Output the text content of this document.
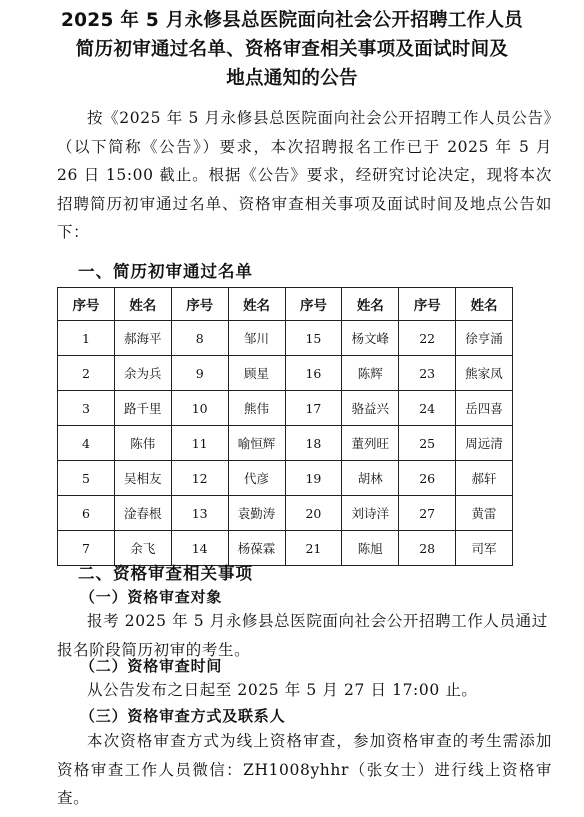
2025 年 5 月永修县总医院面向社会公开招聘工作人员
简历初审通过名单、资格审查相关事项及面试时间及
地点通知的公告
按《2025 年 5 月永修县总医院面向社会公开招聘工作人员公告》（以下简称《公告》）要求，本次招聘报名工作已于 2025 年 5 月 26 日 15:00 截止。根据《公告》要求，经研究讨论决定，现将本次招聘简历初审通过名单、资格审查相关事项及面试时间及地点公告如下：
一、简历初审通过名单
序号	姓名	序号	姓名	序号	姓名	序号	姓名
1	郝海平	8	邹川	15	杨文峰	22	徐亨涌
2	余为兵	9	顾星	16	陈辉	23	熊家凤
3	路千里	10	熊伟	17	骆益兴	24	岳四喜
4	陈伟	11	喻恒辉	18	董列旺	25	周远清
5	吴相友	12	代彦	19	胡林	26	郝轩
6	淦春根	13	袁勤涛	20	刘诗洋	27	黄雷
7	余飞	14	杨葆霖	21	陈旭	28	司军
二、资格审查相关事项
（一）资格审查对象
报考 2025 年 5 月永修县总医院面向社会公开招聘工作人员通过报名阶段简历初审的考生。
（二）资格审查时间
从公告发布之日起至 2025 年 5 月 27 日 17:00 止。
（三）资格审查方式及联系人
本次资格审查方式为线上资格审查，参加资格审查的考生需添加资格审查工作人员微信：ZH1008yhhr（张女士）进行线上资格审查。
